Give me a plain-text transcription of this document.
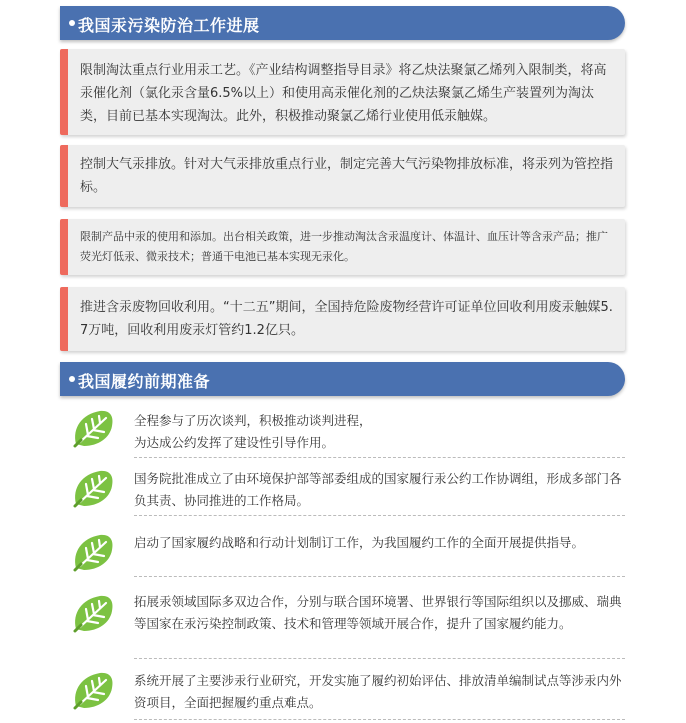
我国汞污染防治工作进展
限制淘汰重点行业用汞工艺。《产业结构调整指导目录》将乙炔法聚氯乙烯列入限制类，将高汞催化剂（氯化汞含量6.5%以上）和使用高汞催化剂的乙炔法聚氯乙烯生产装置列为淘汰类，目前已基本实现淘汰。此外，积极推动聚氯乙烯行业使用低汞触媒。
控制大气汞排放。针对大气汞排放重点行业，制定完善大气污染物排放标准，将汞列为管控指标。
限制产品中汞的使用和添加。出台相关政策，进一步推动淘汰含汞温度计、体温计、血压计等含汞产品；推广荧光灯低汞、微汞技术；普通干电池已基本实现无汞化。
推进含汞废物回收利用。“十二五”期间，全国持危险废物经营许可证单位回收利用废汞触媒5.7万吨，回收利用废汞灯管约1.2亿只。
我国履约前期准备
全程参与了历次谈判，积极推动谈判进程，
为达成公约发挥了建设性引导作用。
国务院批准成立了由环境保护部等部委组成的国家履行汞公约工作协调组，形成多部门各负其责、协同推进的工作格局。
启动了国家履约战略和行动计划制订工作，为我国履约工作的全面开展提供指导。
拓展汞领域国际多双边合作，分别与联合国环境署、世界银行等国际组织以及挪威、瑞典等国家在汞污染控制政策、技术和管理等领域开展合作，提升了国家履约能力。
系统开展了主要涉汞行业研究，开发实施了履约初始评估、排放清单编制试点等涉汞内外资项目，全面把握履约重点难点。
